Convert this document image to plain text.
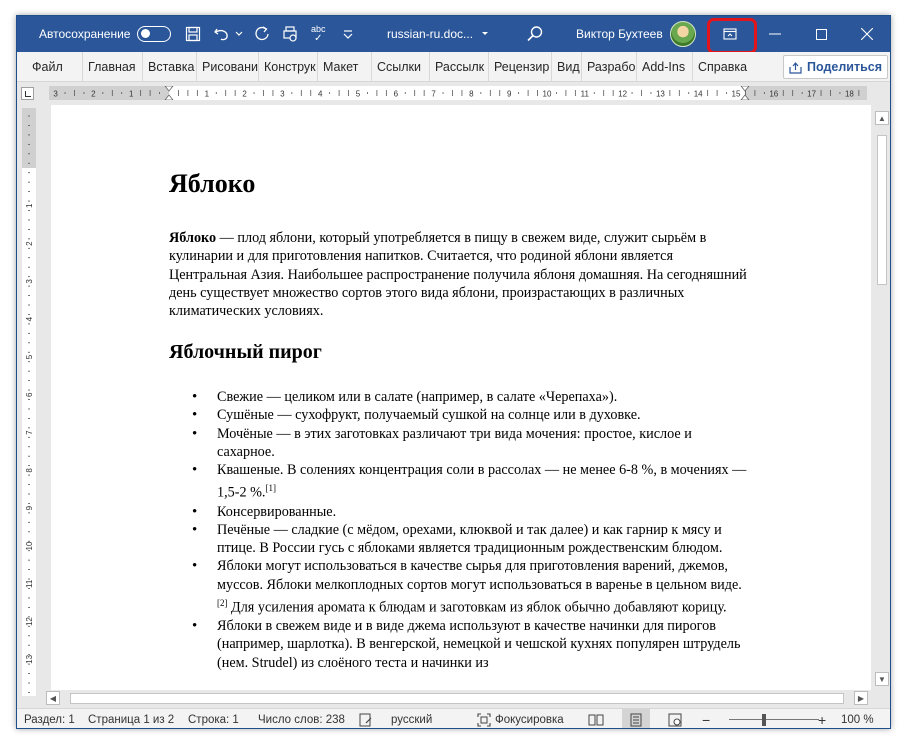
Автосохранение	abc
✓	russian-ru.doc...	Виктор Бухтеев
Файл	Главная Вставка Рисовани Конструк Макет	Ссылки	Рассылк Рецензир Вид Разрабо Add-Ins	Справка	Поделиться
3	2	1	1	2	3	4	5	6	7	8	9	10	11	12	13	14	15	16	17	18
1
2
3
4
5
6
7
8
9
10
11
12
13
Яблоко

Яблоко — плод яблони, который употребляется в пищу в свежем виде, служит сырьём в кулинарии и для приготовления напитков. Считается, что родиной яблони является Центральная Азия. Наибольшее распространение получила яблоня домашняя. На сегодняшний день существует множество сортов этого вида яблони, произрастающих в различных климатических условиях.

Яблочный пирог
• Свежие — целиком или в салате (например, в салате «Черепаха»).
• Сушёные — сухофрукт, получаемый сушкой на солнце или в духовке.
• Мочёные — в этих заготовках различают три вида мочения: простое, кислое и сахарное.
• Квашеные. В солениях концентрация соли в рассолах — не менее 6-8 %, в мочениях — 1,5-2 %.[1]
• Консервированные.
• Печёные — сладкие (с мёдом, орехами, клюквой и так далее) и как гарнир к мясу и птице. В России гусь с яблоками является традиционным рождественским блюдом.
• Яблоки могут использоваться в качестве сырья для приготовления варений, джемов, муссов. Яблоки мелкоплодных сортов могут использоваться в варенье в цельном виде.[2] Для усиления аромата к блюдам и заготовкам из яблок обычно добавляют корицу.
• Яблоки в свежем виде и в виде джема используют в качестве начинки для пирогов (например, шарлотка). В венгерской, немецкой и чешской кухнях популярен штрудель (нем. Strudel) из слоёного теста и начинки из
▲
▼
◀	▶
Раздел: 1 Страница 1 из 2 Строка: 1 Число слов: 238	русский	Фокусировка	−	+ 100 %
